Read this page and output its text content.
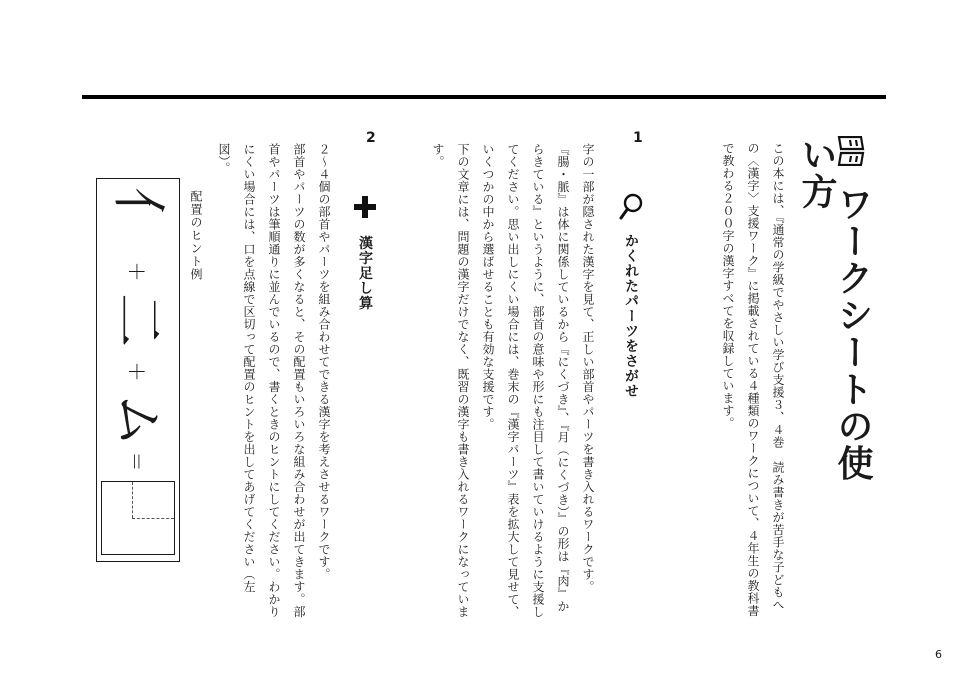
ワークシートの使い方

この本には、『通常の学級でやさしい学び支援３、４巻　読み書きが苦手な子どもへの〈漢字〉支援ワーク』に掲載されている４種類のワークについて、４年生の教科書で教わる２００字の漢字すべてを収録しています。

1
かくれたパーツをさがせ

字の一部が隠された漢字を見て、正しい部首やパーツを書き入れるワークです。

『腸・脈』は体に関係しているから『にくづき』、『月（にくづき）』の形は『肉』からきている』というように、部首の意味や形にも注目して書いていけるように支援してください。思い出しにくい場合には、巻末の『漢字パーツ』表を拡大して見せて、いくつかの中から選ばせることも有効な支援です。

下の文章には、問題の漢字だけでなく、既習の漢字も書き入れるワークになっています。

2
漢字足し算

２〜４個の部首やパーツを組み合わせてできる漢字を考えさせるワークです。

部首やパーツの数が多くなると、その配置もいろいろな組み合わせが出てきます。部首やパーツは筆順通りに並んでいるので、書くときのヒントにしてください。わかりにくい場合には、口を点線で区切って配置のヒントを出してあげてください（左図）。

配置のヒント例
亻
＋
二
＋
ム
＝
6
